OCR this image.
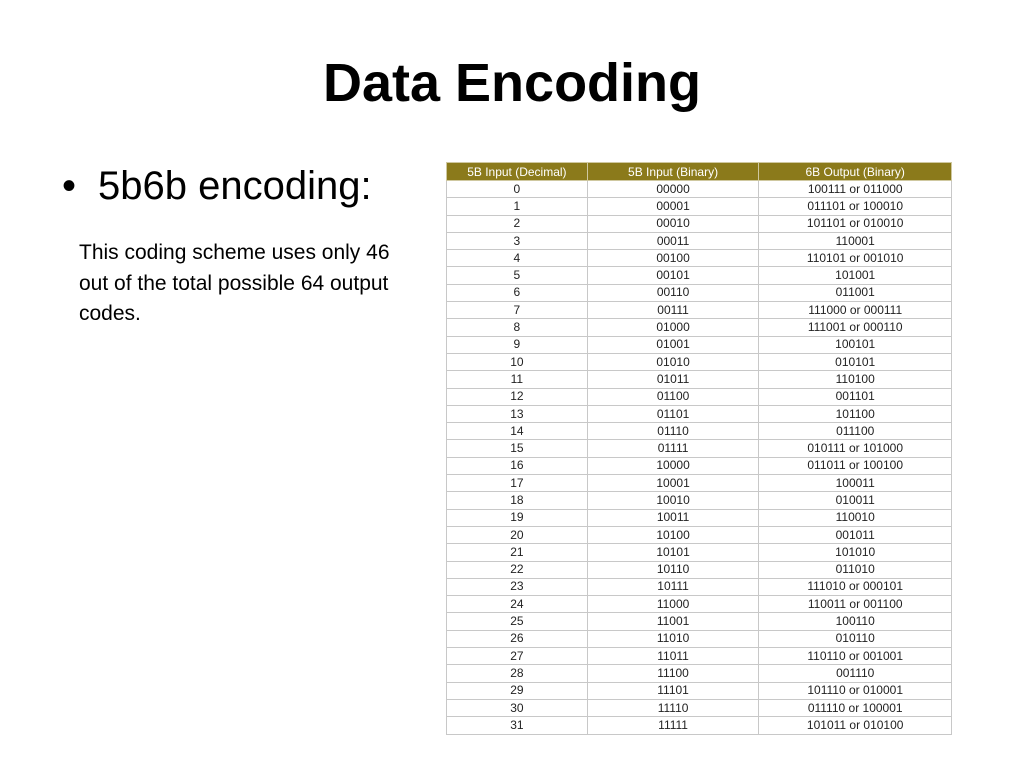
Data Encoding
• 5b6b encoding:
This coding scheme uses only 46 out of the total possible 64 output codes.
5B Input (Decimal)	5B Input (Binary)	6B Output (Binary)
0	00000	100111 or 011000
1	00001	011101 or 100010
2	00010	101101 or 010010
3	00011	110001
4	00100	110101 or 001010
5	00101	101001
6	00110	011001
7	00111	111000 or 000111
8	01000	111001 or 000110
9	01001	100101
10	01010	010101
11	01011	110100
12	01100	001101
13	01101	101100
14	01110	011100
15	01111	010111 or 101000
16	10000	011011 or 100100
17	10001	100011
18	10010	010011
19	10011	110010
20	10100	001011
21	10101	101010
22	10110	011010
23	10111	111010 or 000101
24	11000	110011 or 001100
25	11001	100110
26	11010	010110
27	11011	110110 or 001001
28	11100	001110
29	11101	101110 or 010001
30	11110	011110 or 100001
31	11111	101011 or 010100
